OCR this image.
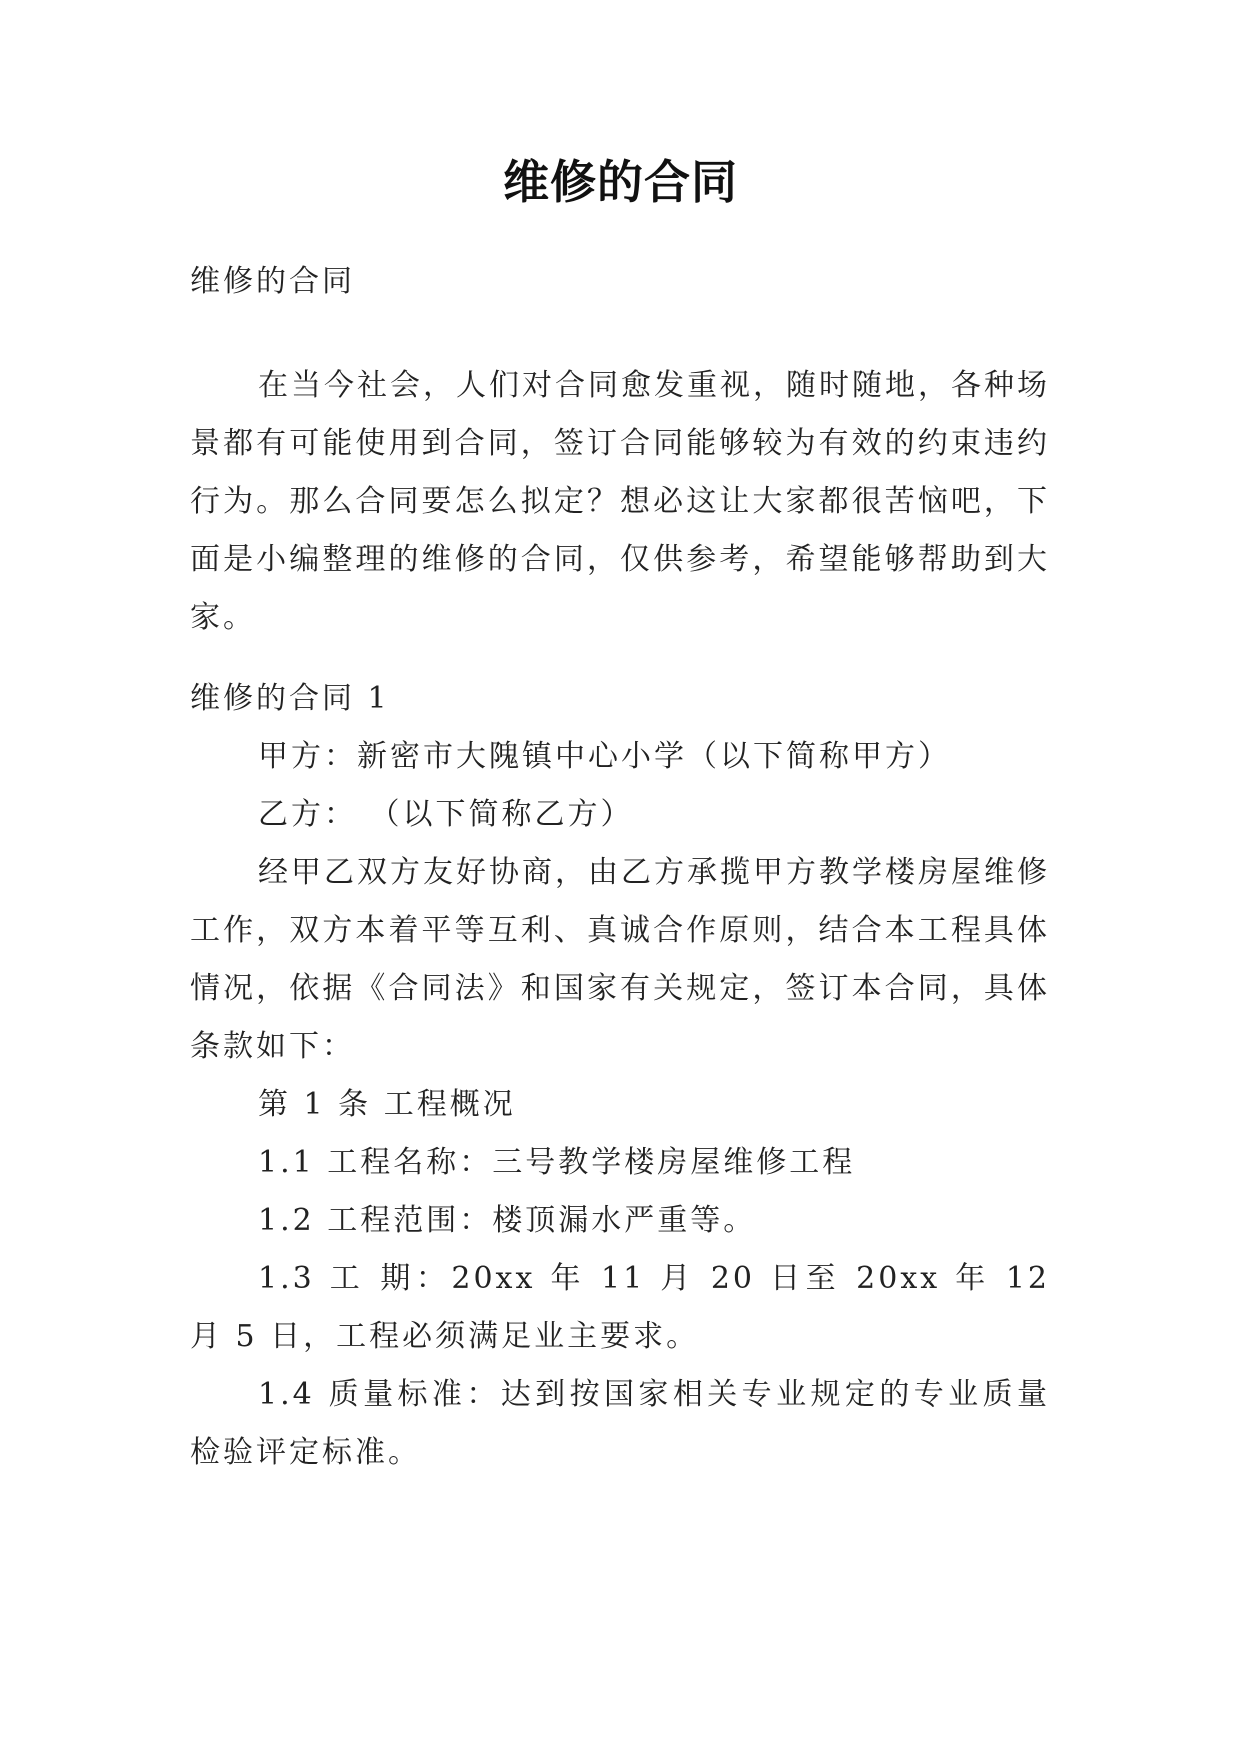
维修的合同
维修的合同
在当今社会，人们对合同愈发重视，随时随地，各种场景都有可能使用到合同，签订合同能够较为有效的约束违约行为。那么合同要怎么拟定？想必这让大家都很苦恼吧，下面是小编整理的维修的合同，仅供参考，希望能够帮助到大家。
维修的合同 1
甲方：新密市大隗镇中心小学（以下简称甲方）
乙方： （以下简称乙方）
经甲乙双方友好协商，由乙方承揽甲方教学楼房屋维修工作，双方本着平等互利、真诚合作原则，结合本工程具体情况，依据《合同法》和国家有关规定，签订本合同，具体条款如下：
第 1 条 工程概况
1.1 工程名称：三号教学楼房屋维修工程
1.2 工程范围：楼顶漏水严重等。
1.3 工 期：20xx 年 11 月 20 日至 20xx 年 12 月 5 日，工程必须满足业主要求。
1.4 质量标准：达到按国家相关专业规定的专业质量检验评定标准。
